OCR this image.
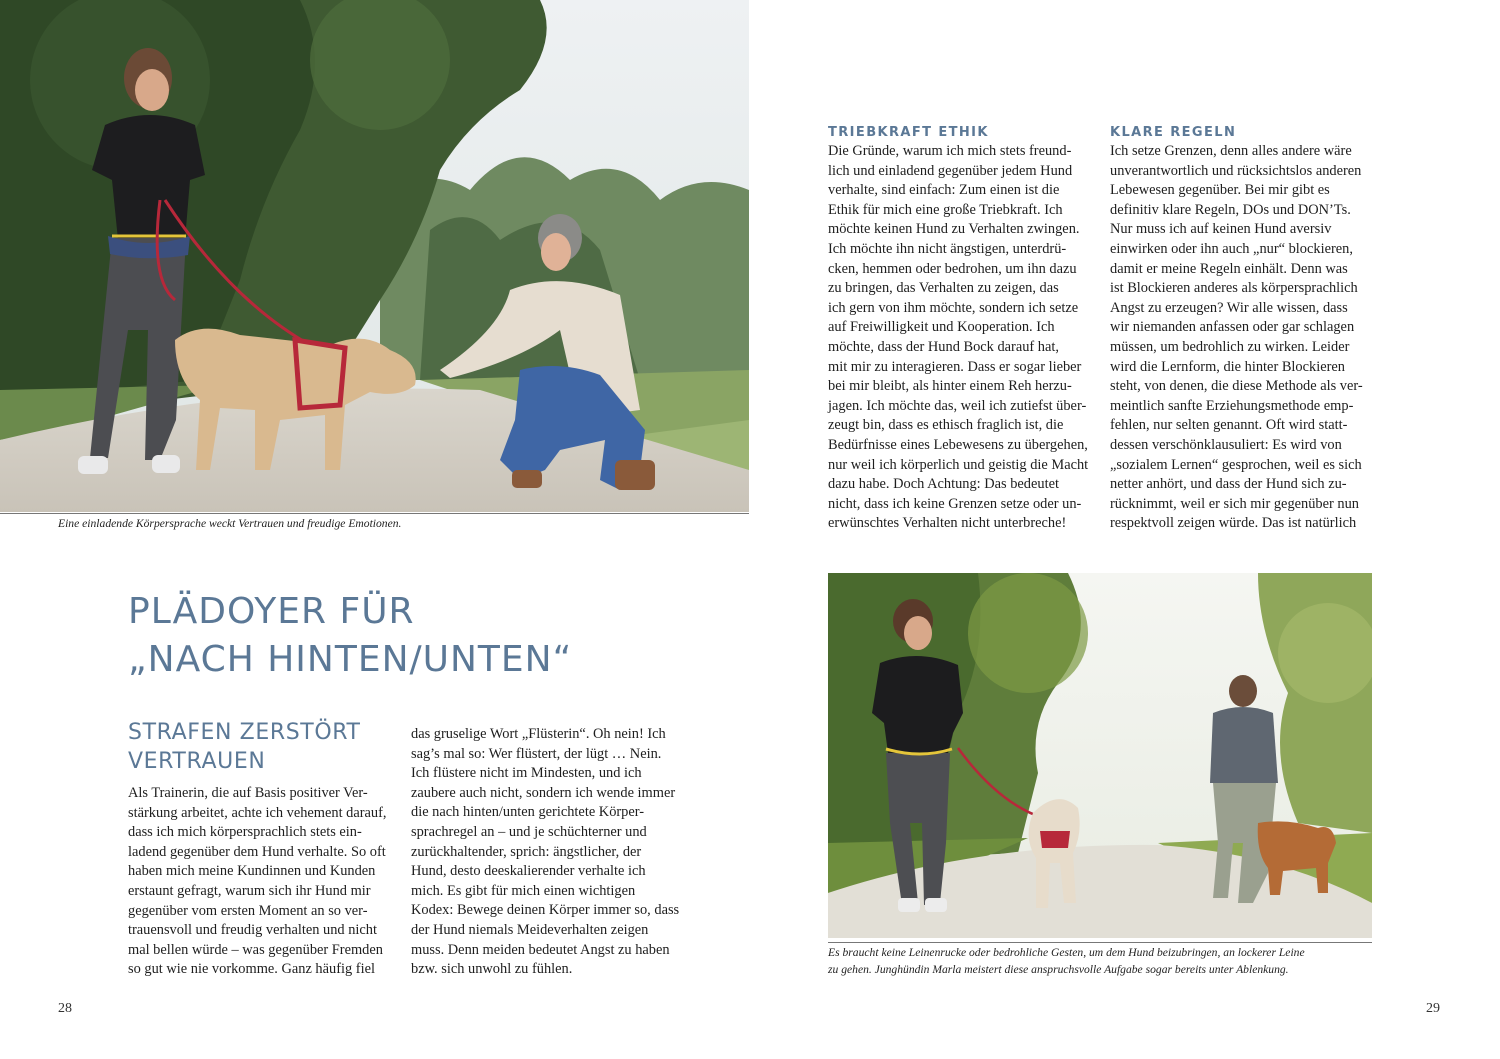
Eine einladende Körpersprache weckt Vertrauen und freudige Emotionen.
PLÄDOYER FÜR
„NACH HINTEN/UNTEN“
STRAFEN ZERSTÖRT
VERTRAUEN
Als Trainerin, die auf Basis positiver Ver-
stärkung arbeitet, achte ich vehement darauf,
dass ich mich körpersprachlich stets ein-
ladend gegenüber dem Hund verhalte. So oft
haben mich meine Kundinnen und Kunden
erstaunt gefragt, warum sich ihr Hund mir
gegenüber vom ersten Moment an so ver-
trauensvoll und freudig verhalten und nicht
mal bellen würde – was gegenüber Fremden
so gut wie nie vorkomme. Ganz häufig fiel
das gruselige Wort „Flüsterin“. Oh nein! Ich
sag’s mal so: Wer flüstert, der lügt … Nein.
Ich flüstere nicht im Mindesten, und ich
zaubere auch nicht, sondern ich wende immer
die nach hinten/unten gerichtete Körper-
sprachregel an – und je schüchterner und
zurückhaltender, sprich: ängstlicher, der
Hund, desto deeskalierender verhalte ich
mich. Es gibt für mich einen wichtigen
Kodex: Bewege deinen Körper immer so, dass
der Hund niemals Meideverhalten zeigen
muss. Denn meiden bedeutet Angst zu haben
bzw. sich unwohl zu fühlen.
28
TRIEBKRAFT ETHIK
Die Gründe, warum ich mich stets freund-
lich und einladend gegenüber jedem Hund
verhalte, sind einfach: Zum einen ist die
Ethik für mich eine große Triebkraft. Ich
möchte keinen Hund zu Verhalten zwingen.
Ich möchte ihn nicht ängstigen, unterdrü-
cken, hemmen oder bedrohen, um ihn dazu
zu bringen, das Verhalten zu zeigen, das
ich gern von ihm möchte, sondern ich setze
auf Freiwilligkeit und Kooperation. Ich
möchte, dass der Hund Bock darauf hat,
mit mir zu interagieren. Dass er sogar lieber
bei mir bleibt, als hinter einem Reh herzu-
jagen. Ich möchte das, weil ich zutiefst über-
zeugt bin, dass es ethisch fraglich ist, die
Bedürfnisse eines Lebewesens zu übergehen,
nur weil ich körperlich und geistig die Macht
dazu habe. Doch Achtung: Das bedeutet
nicht, dass ich keine Grenzen setze oder un-
erwünschtes Verhalten nicht unterbreche!
KLARE REGELN
Ich setze Grenzen, denn alles andere wäre
unverantwortlich und rücksichtslos anderen
Lebewesen gegenüber. Bei mir gibt es
definitiv klare Regeln, DOs und DON’Ts.
Nur muss ich auf keinen Hund aversiv
einwirken oder ihn auch „nur“ blockieren,
damit er meine Regeln einhält. Denn was
ist Blockieren anderes als körpersprachlich
Angst zu erzeugen? Wir alle wissen, dass
wir niemanden anfassen oder gar schlagen
müssen, um bedrohlich zu wirken. Leider
wird die Lernform, die hinter Blockieren
steht, von denen, die diese Methode als ver-
meintlich sanfte Erziehungsmethode emp-
fehlen, nur selten genannt. Oft wird statt-
dessen verschönklausuliert: Es wird von
„sozialem Lernen“ gesprochen, weil es sich
netter anhört, und dass der Hund sich zu-
rücknimmt, weil er sich mir gegenüber nun
respektvoll zeigen würde. Das ist natürlich
Es braucht keine Leinenrucke oder bedrohliche Gesten, um dem Hund beizubringen, an lockerer Leine
zu gehen. Junghündin Marla meistert diese anspruchsvolle Aufgabe sogar bereits unter Ablenkung.
29
